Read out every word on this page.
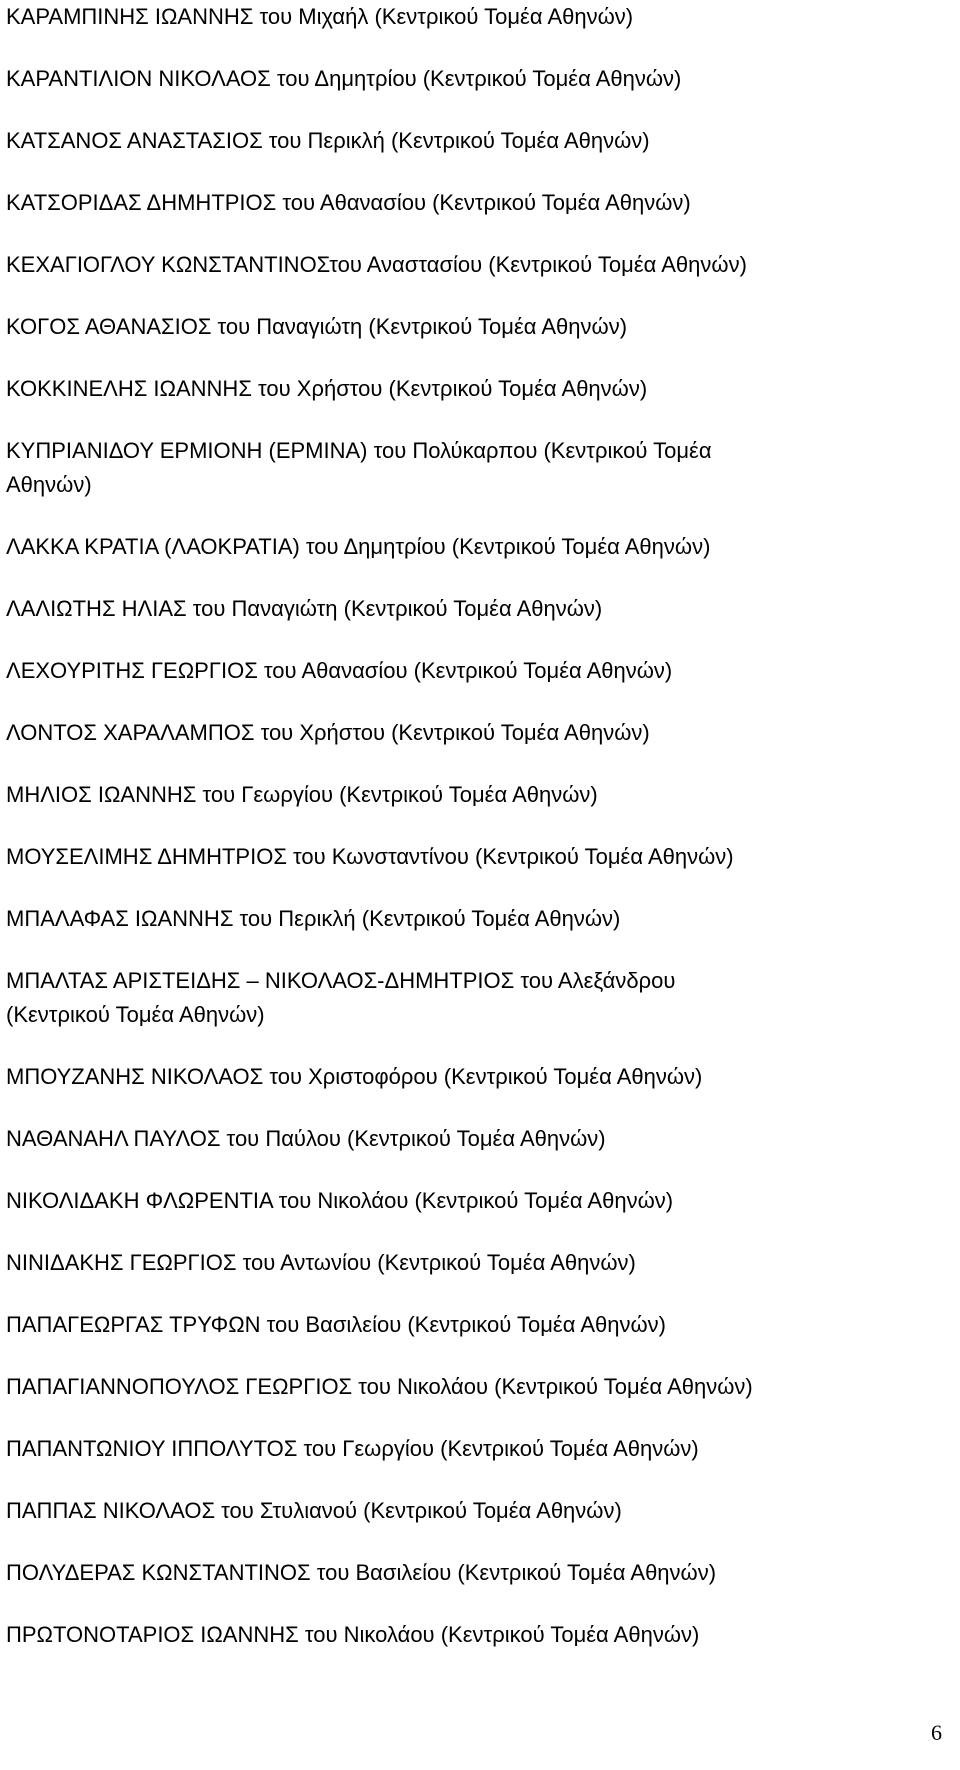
ΚΑΡΑΜΠΙΝΗΣ ΙΩΑΝΝΗΣ του Μιχαήλ (Κεντρικού Τομέα Αθηνών)
ΚΑΡΑΝΤΙΛΙΟΝ ΝΙΚΟΛΑΟΣ του Δημητρίου (Κεντρικού Τομέα Αθηνών)
ΚΑΤΣΑΝΟΣ ΑΝΑΣΤΑΣΙΟΣ του Περικλή (Κεντρικού Τομέα Αθηνών)
ΚΑΤΣΟΡΙΔΑΣ ΔΗΜΗΤΡΙΟΣ του Αθανασίου (Κεντρικού Τομέα Αθηνών)
ΚΕΧΑΓΙΟΓΛΟΥ ΚΩΝΣΤΑΝΤΙΝΟΣτου Αναστασίου (Κεντρικού Τομέα Αθηνών)
ΚΟΓΟΣ ΑΘΑΝΑΣΙΟΣ του Παναγιώτη (Κεντρικού Τομέα Αθηνών)
ΚΟΚΚΙΝΕΛΗΣ ΙΩΑΝΝΗΣ του Χρήστου (Κεντρικού Τομέα Αθηνών)
ΚΥΠΡΙΑΝΙΔΟΥ ΕΡΜΙΟΝΗ (ΕΡΜΙΝΑ) του Πολύκαρπου (Κεντρικού Τομέα
Αθηνών)
ΛΑΚΚΑ ΚΡΑΤΙΑ (ΛΑΟΚΡΑΤΙΑ) του Δημητρίου (Κεντρικού Τομέα Αθηνών)
ΛΑΛΙΩΤΗΣ ΗΛΙΑΣ του Παναγιώτη (Κεντρικού Τομέα Αθηνών)
ΛΕΧΟΥΡΙΤΗΣ ΓΕΩΡΓΙΟΣ του Αθανασίου (Κεντρικού Τομέα Αθηνών)
ΛΟΝΤΟΣ ΧΑΡΑΛΑΜΠΟΣ του Χρήστου (Κεντρικού Τομέα Αθηνών)
ΜΗΛΙΟΣ ΙΩΑΝΝΗΣ του Γεωργίου (Κεντρικού Τομέα Αθηνών)
ΜΟΥΣΕΛΙΜΗΣ ΔΗΜΗΤΡΙΟΣ του Κωνσταντίνου (Κεντρικού Τομέα Αθηνών)
ΜΠΑΛΑΦΑΣ ΙΩΑΝΝΗΣ του Περικλή (Κεντρικού Τομέα Αθηνών)
ΜΠΑΛΤΑΣ ΑΡΙΣΤΕΙΔΗΣ – ΝΙΚΟΛΑΟΣ-ΔΗΜΗΤΡΙΟΣ του Αλεξάνδρου
(Κεντρικού Τομέα Αθηνών)
ΜΠΟΥΖΑΝΗΣ ΝΙΚΟΛΑΟΣ του Χριστοφόρου (Κεντρικού Τομέα Αθηνών)
ΝΑΘΑΝΑΗΛ ΠΑΥΛΟΣ του Παύλου (Κεντρικού Τομέα Αθηνών)
ΝΙΚΟΛΙΔΑΚΗ ΦΛΩΡΕΝΤΙΑ του Νικολάου (Κεντρικού Τομέα Αθηνών)
ΝΙΝΙΔΑΚΗΣ ΓΕΩΡΓΙΟΣ του Αντωνίου (Κεντρικού Τομέα Αθηνών)
ΠΑΠΑΓΕΩΡΓΑΣ ΤΡΥΦΩΝ του Βασιλείου (Κεντρικού Τομέα Αθηνών)
ΠΑΠΑΓΙΑΝΝΟΠΟΥΛΟΣ ΓΕΩΡΓΙΟΣ του Νικολάου (Κεντρικού Τομέα Αθηνών)
ΠΑΠΑΝΤΩΝΙΟΥ ΙΠΠΟΛΥΤΟΣ του Γεωργίου (Κεντρικού Τομέα Αθηνών)
ΠΑΠΠΑΣ ΝΙΚΟΛΑΟΣ του Στυλιανού (Κεντρικού Τομέα Αθηνών)
ΠΟΛΥΔΕΡΑΣ ΚΩΝΣΤΑΝΤΙΝΟΣ του Βασιλείου (Κεντρικού Τομέα Αθηνών)
ΠΡΩΤΟΝΟΤΑΡΙΟΣ ΙΩΑΝΝΗΣ του Νικολάου (Κεντρικού Τομέα Αθηνών)
6
